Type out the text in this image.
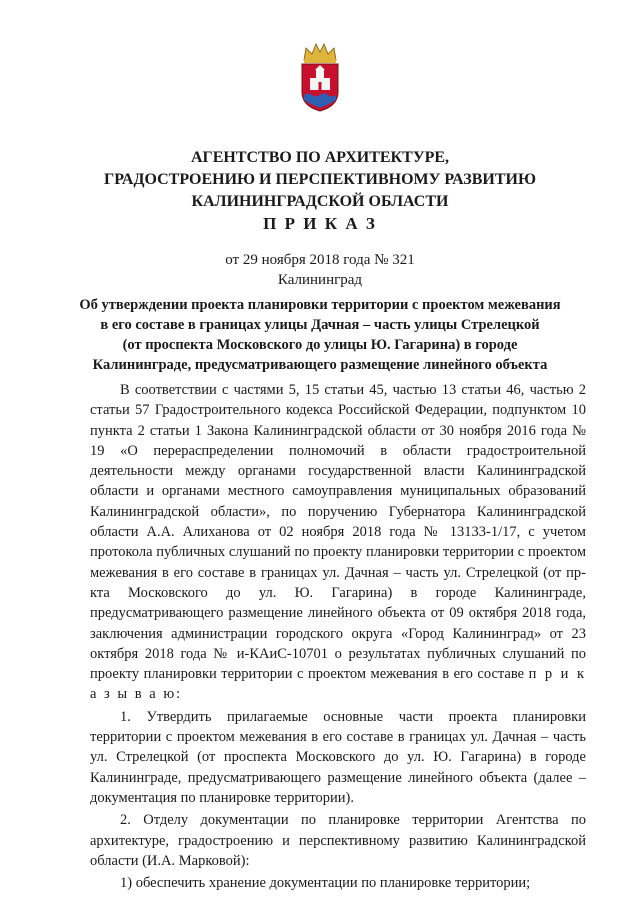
АГЕНТСТВО ПО АРХИТЕКТУРЕ,
ГРАДОСТРОЕНИЮ И ПЕРСПЕКТИВНОМУ РАЗВИТИЮ
КАЛИНИНГРАДСКОЙ ОБЛАСТИ
П Р И К А З
от 29 ноября 2018 года № 321
Калининград
Об утверждении проекта планировки территории с проектом межевания
в его составе в границах улицы Дачная – часть улицы Стрелецкой
(от проспекта Московского до улицы Ю. Гагарина) в городе
Калининграде, предусматривающего размещение линейного объекта

В соответствии с частями 5, 15 статьи 45, частью 13 статьи 46, частью 2 статьи 57 Градостроительного кодекса Российской Федерации, подпунктом 10 пункта 2 статьи 1 Закона Калининградской области от 30 ноября 2016 года № 19 «О перераспределении полномочий в области градостроительной деятельности между органами государственной власти Калининградской области и органами местного самоуправления муниципальных образований Калининградской области», по поручению Губернатора Калининградской области А.А. Алиханова от 02 ноября 2018 года № 13133-1/17, с учетом протокола публичных слушаний по проекту планировки территории с проектом межевания в его составе в границах ул. Дачная – часть ул. Стрелецкой (от пр-кта Московского до ул. Ю. Гагарина) в городе Калининграде, предусматривающего размещение линейного объекта от 09 октября 2018 года, заключения администрации городского округа «Город Калининград» от 23 октября 2018 года № и-КАиС-10701 о результатах публичных слушаний по проекту планировки территории с проектом межевания в его составе п р и к а з ы в а ю:

1. Утвердить прилагаемые основные части проекта планировки территории с проектом межевания в его составе в границах ул. Дачная – часть ул. Стрелецкой (от проспекта Московского до ул. Ю. Гагарина) в городе Калининграде, предусматривающего размещение линейного объекта (далее – документация по планировке территории).

2. Отделу документации по планировке территории Агентства по архитектуре, градостроению и перспективному развитию Калининградской области (И.А. Марковой):

1) обеспечить хранение документации по планировке территории;
